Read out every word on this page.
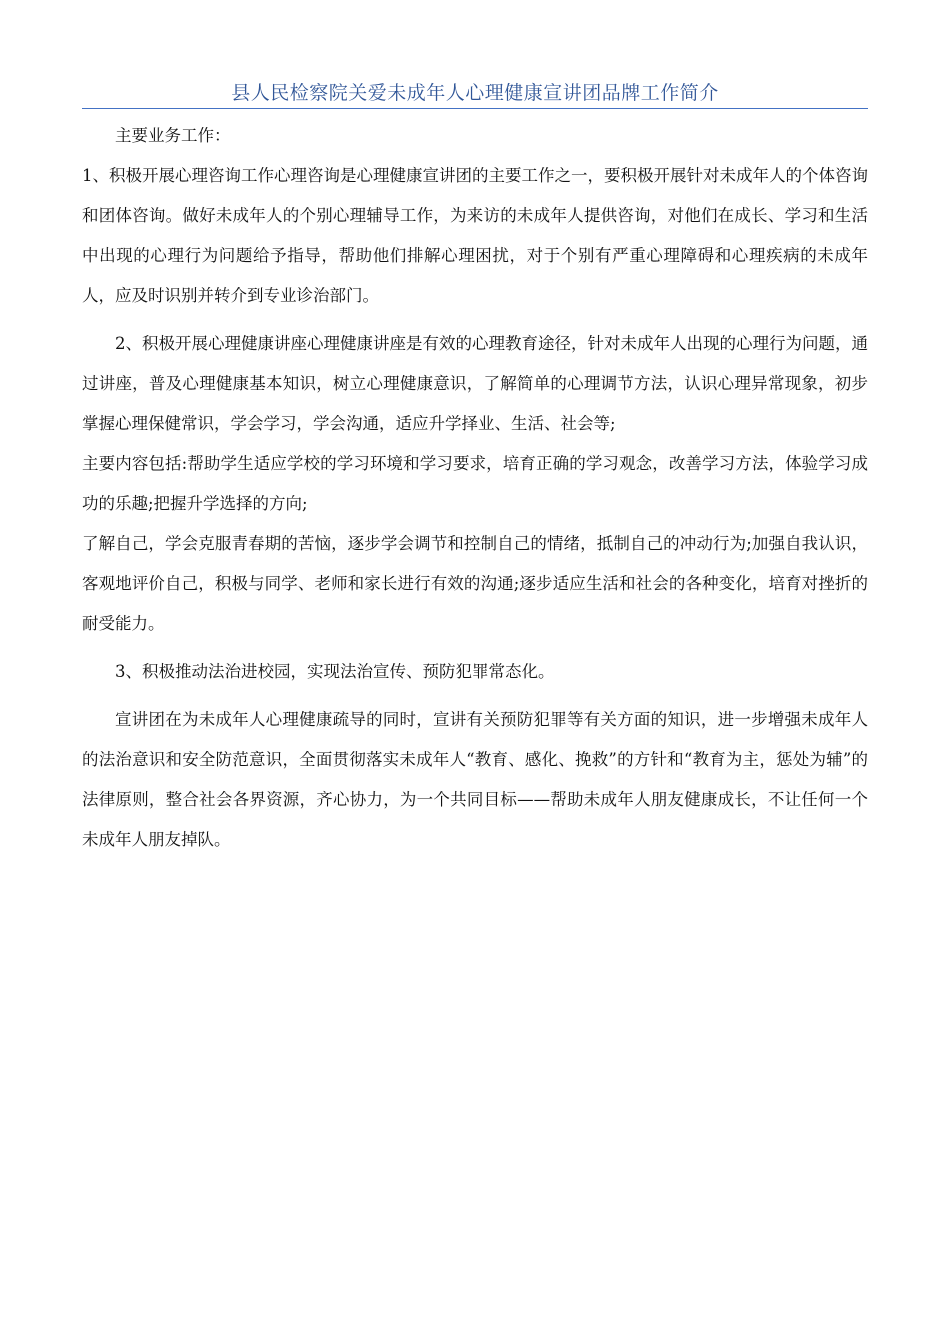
县人民检察院关爱未成年人心理健康宣讲团品牌工作简介

主要业务工作：

1、积极开展心理咨询工作心理咨询是心理健康宣讲团的主要工作之一，要积极开展针对未成年人的个体咨询和团体咨询。做好未成年人的个别心理辅导工作，为来访的未成年人提供咨询，对他们在成长、学习和生活中出现的心理行为问题给予指导，帮助他们排解心理困扰，对于个别有严重心理障碍和心理疾病的未成年人，应及时识别并转介到专业诊治部门。

2、积极开展心理健康讲座心理健康讲座是有效的心理教育途径，针对未成年人出现的心理行为问题，通过讲座，普及心理健康基本知识，树立心理健康意识，了解简单的心理调节方法，认识心理异常现象，初步掌握心理保健常识，学会学习，学会沟通，适应升学择业、生活、社会等;

主要内容包括:帮助学生适应学校的学习环境和学习要求，培育正确的学习观念，改善学习方法，体验学习成功的乐趣;把握升学选择的方向;

了解自己，学会克服青春期的苦恼，逐步学会调节和控制自己的情绪，抵制自己的冲动行为;加强自我认识，客观地评价自己，积极与同学、老师和家长进行有效的沟通;逐步适应生活和社会的各种变化，培育对挫折的耐受能力。

3、积极推动法治进校园，实现法治宣传、预防犯罪常态化。

宣讲团在为未成年人心理健康疏导的同时，宣讲有关预防犯罪等有关方面的知识，进一步增强未成年人的法治意识和安全防范意识，全面贯彻落实未成年人“教育、感化、挽救”的方针和“教育为主，惩处为辅”的法律原则，整合社会各界资源，齐心协力，为一个共同目标——帮助未成年人朋友健康成长，不让任何一个未成年人朋友掉队。
